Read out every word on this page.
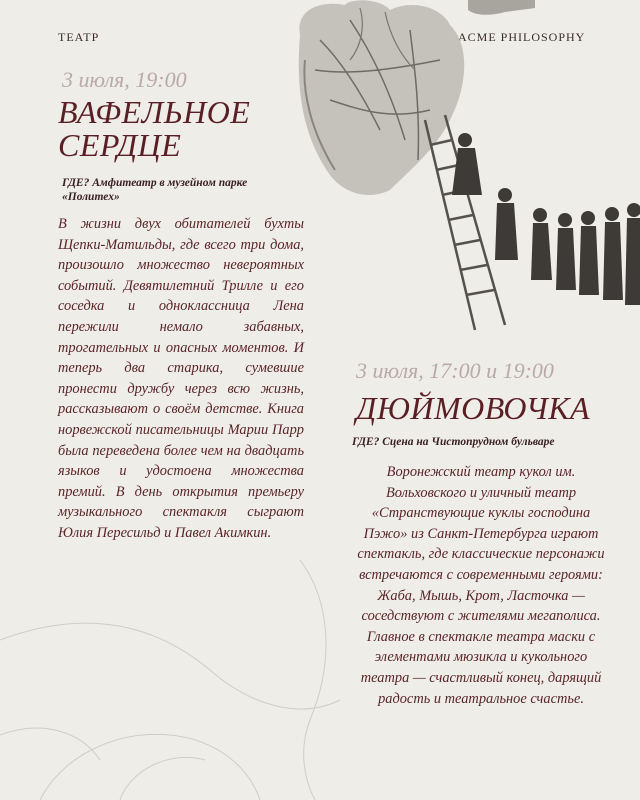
ТЕАТР	ACME PHILOSOPHY
3 июля, 19:00
ВАФЕЛЬНОЕ
СЕРДЦЕ
ГДЕ? Амфитеатр в музейном парке
«Политех»
В жизни двух обитателей бухты Щепки-Матильды, где всего три дома, произошло множество невероятных событий. Девятилетний Трилле и его соседка и одноклассница Лена пережили немало забавных, трогательных и опасных моментов. И теперь два старика, сумевшие пронести дружбу через всю жизнь, рассказывают о своём детстве. Книга норвежской писательницы Марии Парр была переведена более чем на двадцать языков и удостоена множества премий. В день открытия премьеру музыкального спектакля сыграют Юлия Пересильд и Павел Акимкин.
3 июля, 17:00 и 19:00
ДЮЙМОВОЧКА
ГДЕ? Сцена на Чистопрудном бульваре
Воронежский театр кукол им. Вольховского и уличный театр «Странствующие куклы господина Пэжо» из Санкт-Петербурга играют спектакль, где классические персонажи встречаются с современными героями: Жаба, Мышь, Крот, Ласточка — соседствуют с жителями мегаполиса. Главное в спектакле театра маски с элементами мюзикла и кукольного театра — счастливый конец, дарящий радость и театральное счастье.
